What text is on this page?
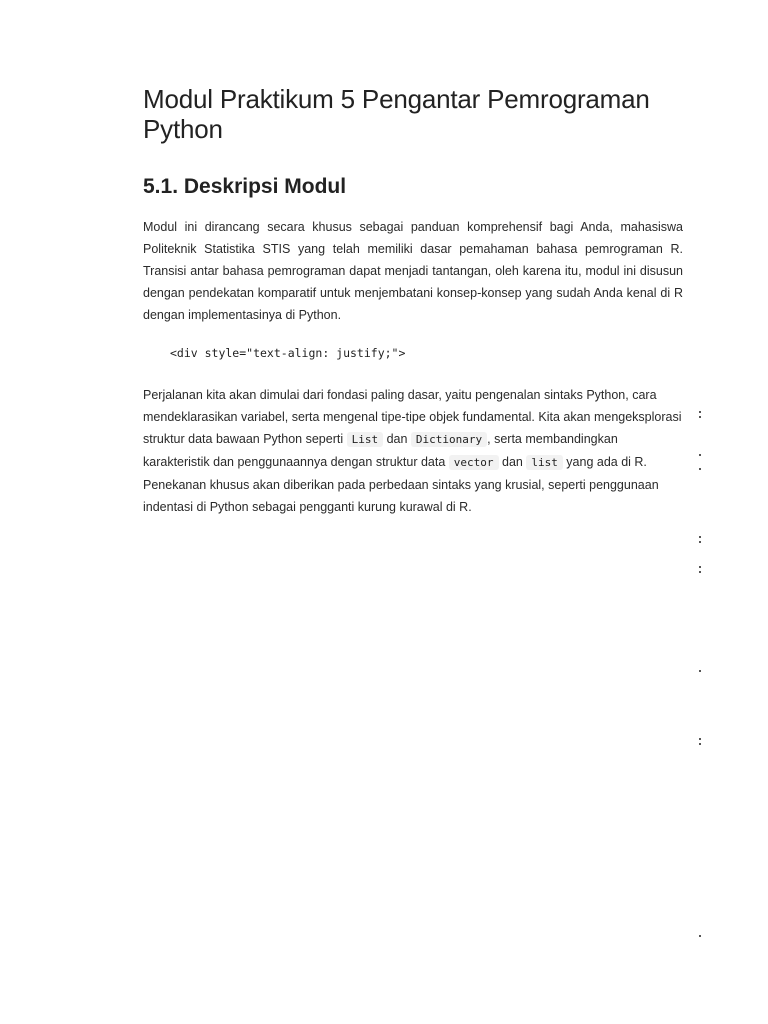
Modul Praktikum 5 Pengantar Pemrograman Python
5.1. Deskripsi Modul

Modul ini dirancang secara khusus sebagai panduan komprehensif bagi Anda, mahasiswa Politeknik Statistika STIS yang telah memiliki dasar pemahaman bahasa pemrograman R. Transisi antar bahasa pemrograman dapat menjadi tantangan, oleh karena itu, modul ini disusun dengan pendekatan komparatif untuk menjembatani konsep-konsep yang sudah Anda kenal di R dengan implementasinya di Python.

<div style="text-align: justify;">

Perjalanan kita akan dimulai dari fondasi paling dasar, yaitu pengenalan sintaks Python, cara mendeklarasikan variabel, serta mengenal tipe-tipe objek fundamental. Kita akan mengeksplorasi struktur data bawaan Python seperti List dan Dictionary , serta membandingkan karakteristik dan penggunaannya dengan struktur data vector dan list yang ada di R. Penekanan khusus akan diberikan pada perbedaan sintaks yang krusial, seperti penggunaan indentasi di Python sebagai pengganti kurung kurawal di R.
